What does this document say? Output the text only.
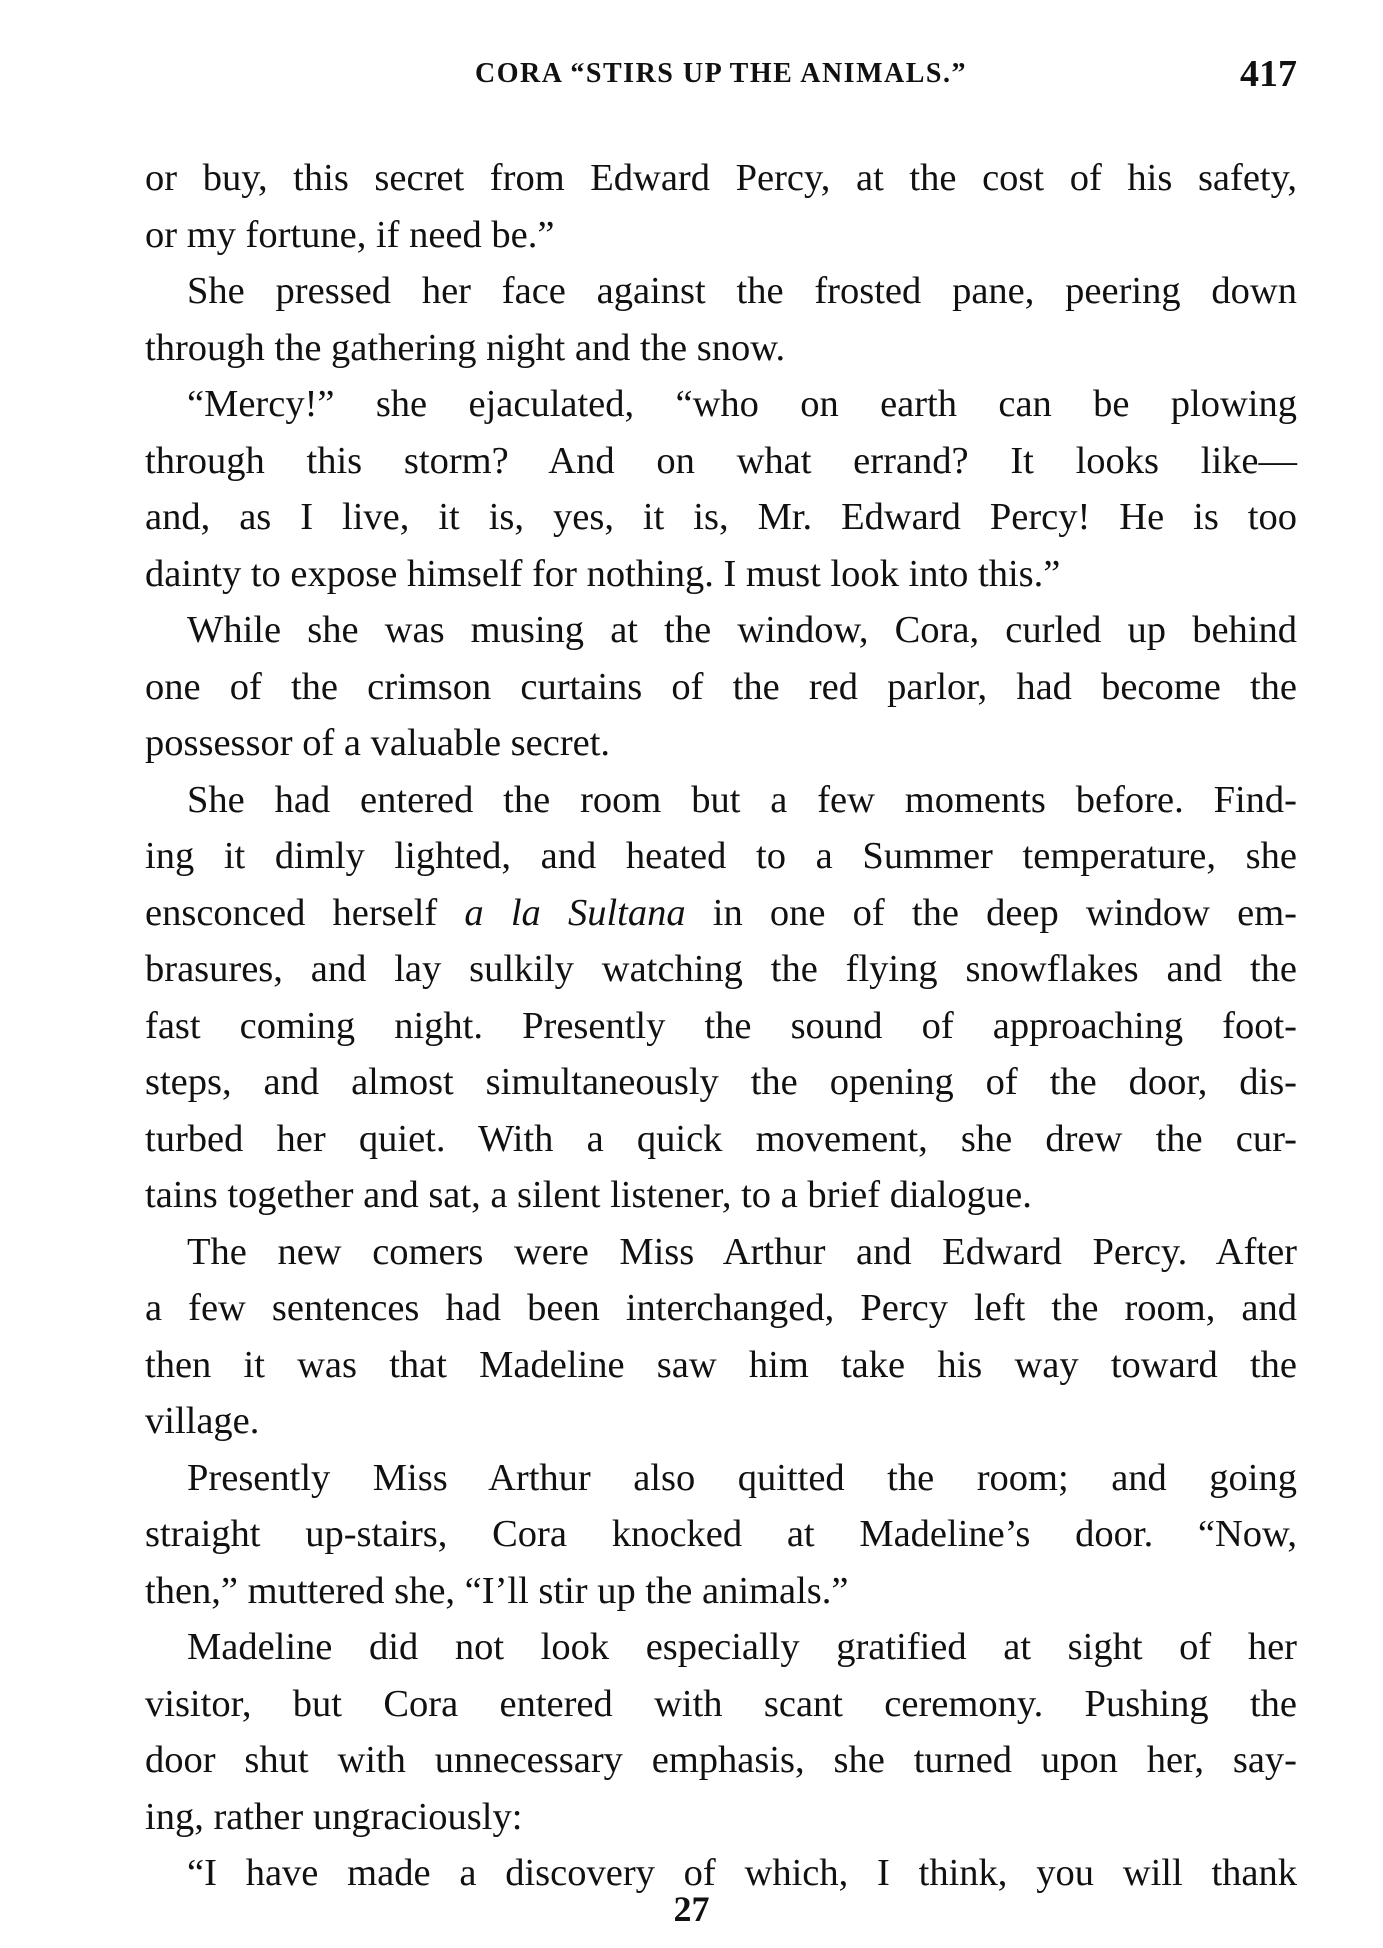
CORA “STIRS UP THE ANIMALS.”	417
or buy, this secret from Edward Percy, at the cost of his safety,
or my fortune, if need be.”
She pressed her face against the frosted pane, peering down
through the gathering night and the snow.
“Mercy!” she ejaculated, “who on earth can be plowing
through this storm? And on what errand? It looks like—
and, as I live, it is, yes, it is, Mr. Edward Percy! He is too
dainty to expose himself for nothing. I must look into this.”
While she was musing at the window, Cora, curled up behind
one of the crimson curtains of the red parlor, had become the
possessor of a valuable secret.
She had entered the room but a few moments before. Find-
ing it dimly lighted, and heated to a Summer temperature, she
ensconced herself a la Sultana in one of the deep window em-
brasures, and lay sulkily watching the flying snowflakes and the
fast coming night. Presently the sound of approaching foot-
steps, and almost simultaneously the opening of the door, dis-
turbed her quiet. With a quick movement, she drew the cur-
tains together and sat, a silent listener, to a brief dialogue.
The new comers were Miss Arthur and Edward Percy. After
a few sentences had been interchanged, Percy left the room, and
then it was that Madeline saw him take his way toward the
village.
Presently Miss Arthur also quitted the room; and going
straight up-stairs, Cora knocked at Madeline’s door. “Now,
then,” muttered she, “I’ll stir up the animals.”
Madeline did not look especially gratified at sight of her
visitor, but Cora entered with scant ceremony. Pushing the
door shut with unnecessary emphasis, she turned upon her, say-
ing, rather ungraciously:
“I have made a discovery of which, I think, you will thank
27
